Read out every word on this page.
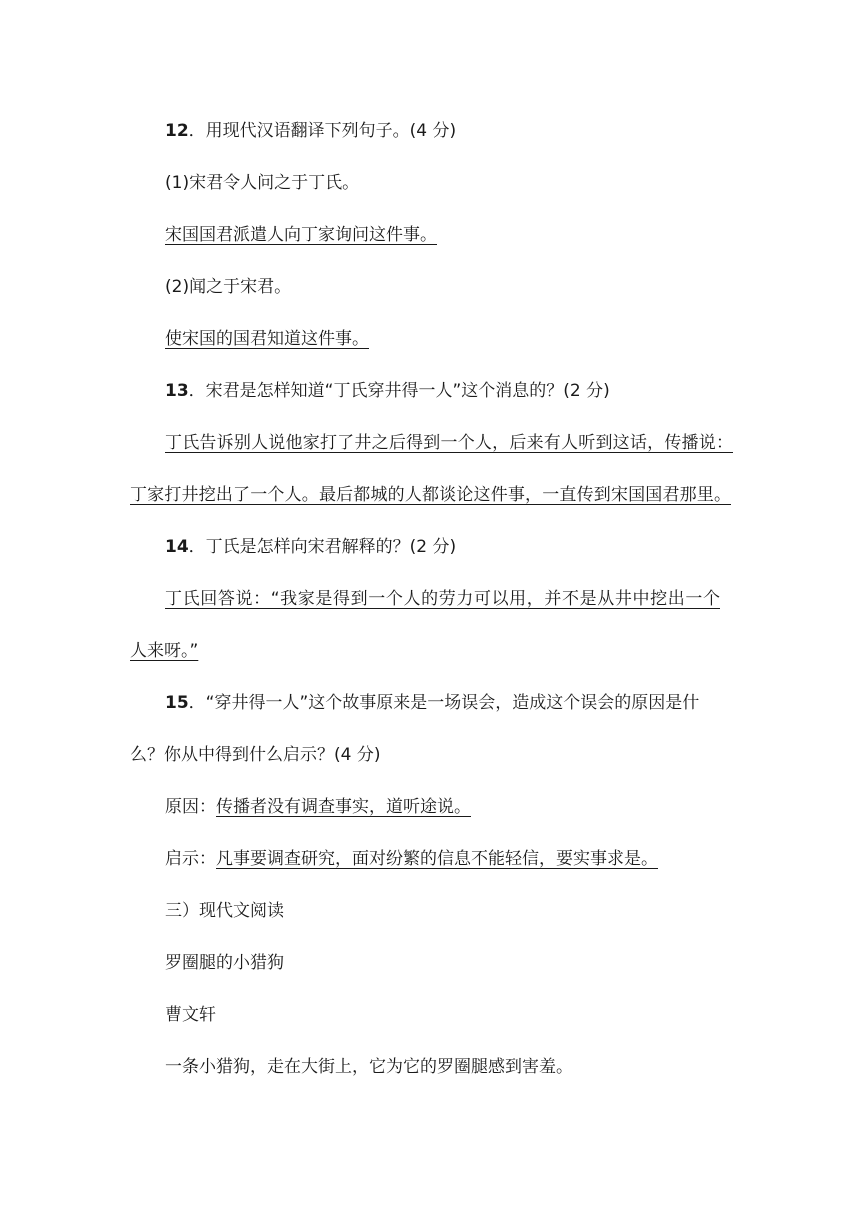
12．用现代汉语翻译下列句子。(4 分)
(1)宋君令人问之于丁氏。
宋国国君派遣人向丁家询问这件事。
(2)闻之于宋君。
使宋国的国君知道这件事。
13．宋君是怎样知道“丁氏穿井得一人”这个消息的？(2 分)
丁氏告诉别人说他家打了井之后得到一个人，后来有人听到这话，传播说：
丁家打井挖出了一个人。最后都城的人都谈论这件事，一直传到宋国国君那里。
14．丁氏是怎样向宋君解释的？(2 分)
丁氏回答说：“我家是得到一个人的劳力可以用，并不是从井中挖出一个
人来呀。”
15．“穿井得一人”这个故事原来是一场误会，造成这个误会的原因是什
么？你从中得到什么启示？(4 分)
原因：传播者没有调查事实，道听途说。
启示：凡事要调查研究，面对纷繁的信息不能轻信，要实事求是。
三）现代文阅读
罗圈腿的小猎狗
曹文轩
一条小猎狗，走在大街上，它为它的罗圈腿感到害羞。
